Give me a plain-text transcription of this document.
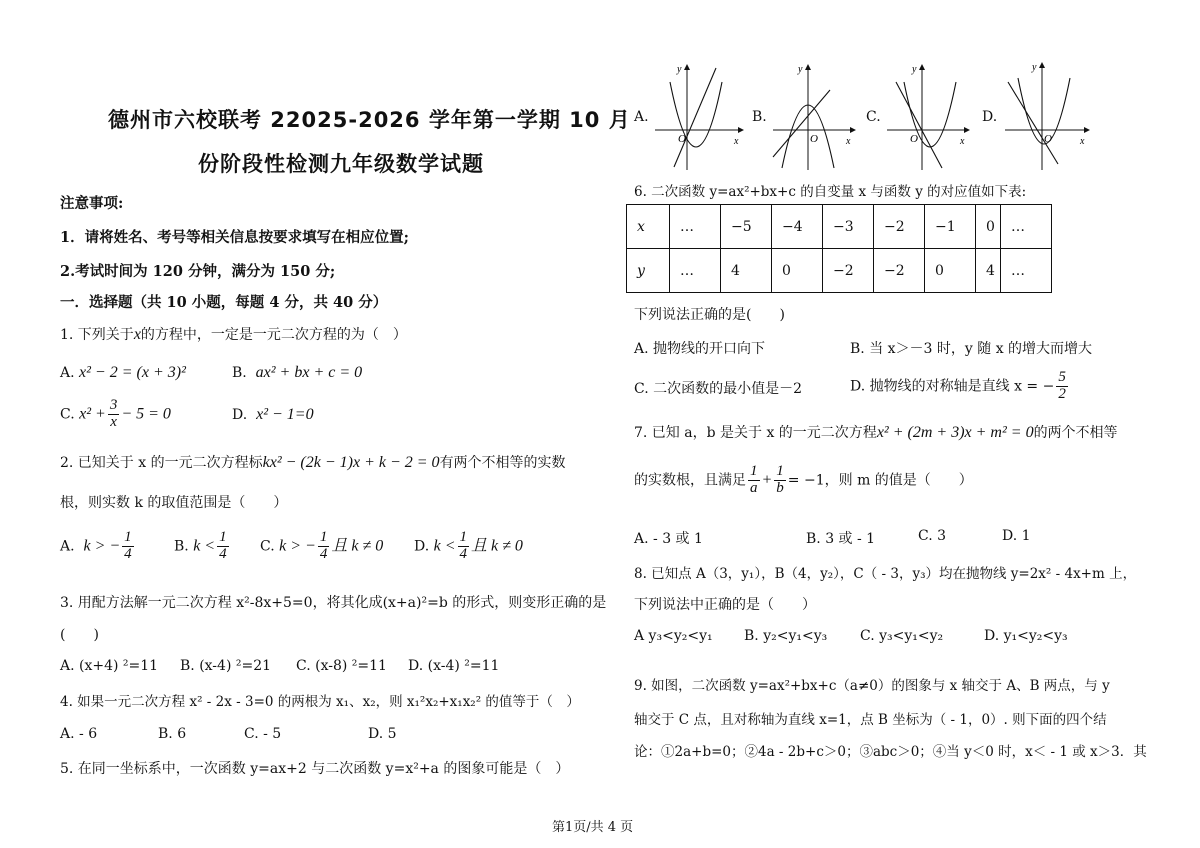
德州市六校联考 22025-2026 学年第一学期 10 月
份阶段性检测九年级数学试题
注意事项:
1．请将姓名、考号等相关信息按要求填写在相应位置;
2.考试时间为 120 分钟，满分为 150 分;
一．选择题（共 10 小题，每题 4 分，共 40 分）
1. 下列关于x的方程中，一定是一元二次方程的为（　）
A. x² − 2 = (x + 3)²	B. ax² + bx + c = 0
C. $x^2 + \frac{3}{x} - 5 = 0$	D. x² − 1=0
2. 已知关于 x 的一元二次方程标kx² − (2k − 1)x + k − 2 = 0有两个不相等的实数
根，则实数 k 的取值范围是（　　）
A. k > − $\frac{1}{4}$	B. $k < \frac{1}{4} C$. k > − $\frac{1}{4}$ 且 k ≠ 0 D. $k < \frac{1}{4}$ 且 k ≠ 0
3. 用配方法解一元二次方程 x²-8x+5=0，将其化成(x+a)²=b 的形式，则变形正确的是
(　　)
A. (x+4) ²=11 B. (x-4) ²=21 C. (x-8) ²=11 D. (x-4) ²=11
4. 如果一元二次方程 x² - 2x - 3=0 的两根为 x₁、x₂，则 x₁²x₂+x₁x₂² 的值等于（　）
A. - 6	B. 6	C. - 5	D. 5
5. 在同一坐标系中，一次函数 y=ax+2 与二次函数 y=x²+a 的图象可能是（　）
A.
y
O	x
B.
y
O	x
C.
y
O	x
D.
y
O	x
6. 二次函数 y=ax²+bx+c 的自变量 x 与函数 y 的对应值如下表:
x	…	−5	−4	−3	−2	−1	0	…
y	…	4	0	−2	−2	0	4	…
下列说法正确的是(　　)
A. 抛物线的开口向下	B. 当 x＞－3 时，y 随 x 的增大而增大
C. 二次函数的最小值是－2	D. 抛物线的对称轴是直线 x = − $\frac{5}{2}$
7. 已知 a，b 是关于 x 的一元二次方程x² + (2m + 3)x + m² = 0的两个不相等
的实数根，且满足 $\frac{1}{a} + \frac{1}{b} = -1$，则 m 的值是（　　）
A. - 3 或 1	B. 3 或 - 1	C. 3	D. 1
8. 已知点 A（3，y₁），B（4，y₂），C（ - 3，y₃）均在抛物线 y=2x² - 4x+m 上，
下列说法中正确的是（　　）
A y₃<y₂<y₁ B. y₂<y₁<y₃ C. y₃<y₁<y₂	D. y₁<y₂<y₃
9. 如图，二次函数 y=ax²+bx+c（a≠0）的图象与 x 轴交于 A、B 两点，与 y
轴交于 C 点，且对称轴为直线 x=1，点 B 坐标为（ - 1，0）. 则下面的四个结
论：①2a+b=0；②4a - 2b+c＞0；③abc＞0；④当 y＜0 时，x＜ - 1 或 x＞3．其
第1页/共 4 页
